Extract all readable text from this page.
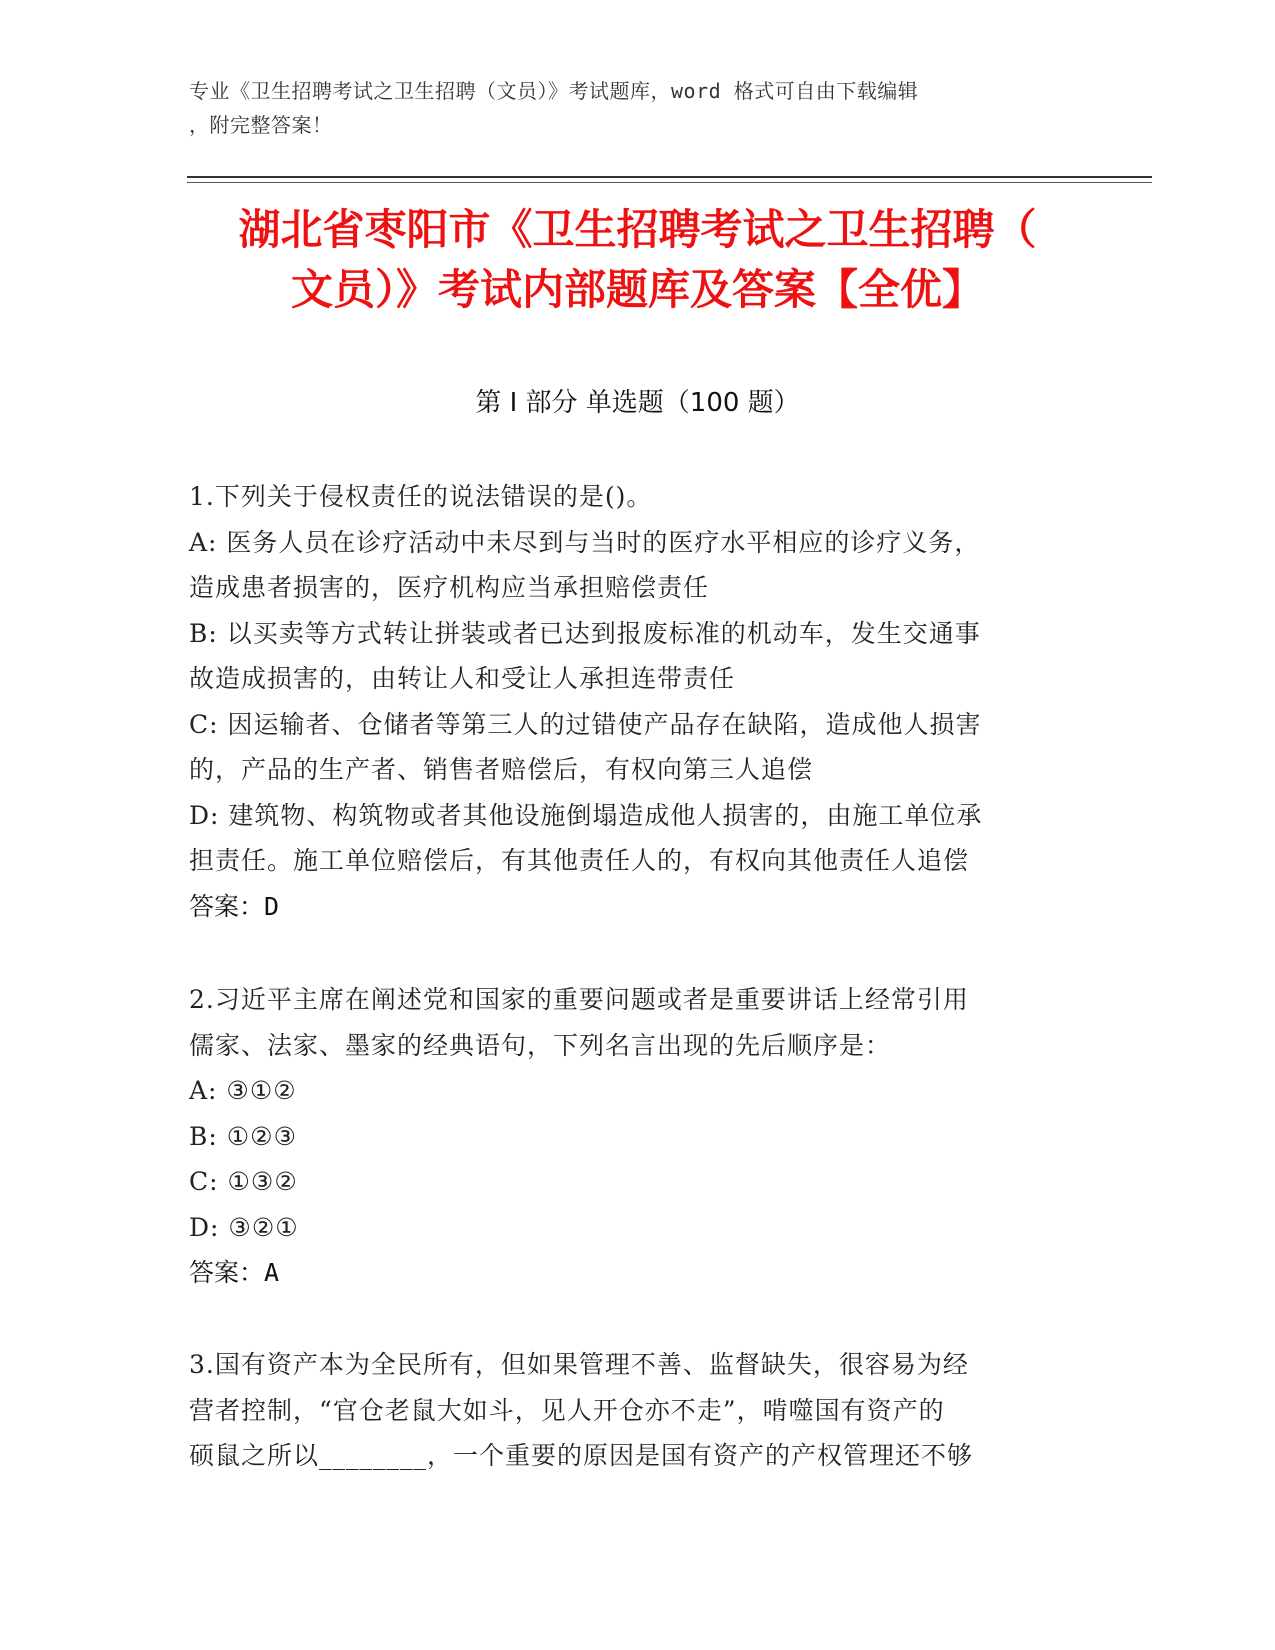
专业《卫生招聘考试之卫生招聘（文员）》考试题库，word 格式可自由下载编辑
，附完整答案！
湖北省枣阳市《卫生招聘考试之卫生招聘（
文员）》考试内部题库及答案【全优】
第 I 部分 单选题（100 题）
1.下列关于侵权责任的说法错误的是()。
A: 医务人员在诊疗活动中未尽到与当时的医疗水平相应的诊疗义务，
造成患者损害的，医疗机构应当承担赔偿责任
B: 以买卖等方式转让拼装或者已达到报废标准的机动车，发生交通事
故造成损害的，由转让人和受让人承担连带责任
C: 因运输者、仓储者等第三人的过错使产品存在缺陷，造成他人损害
的，产品的生产者、销售者赔偿后，有权向第三人追偿
D: 建筑物、构筑物或者其他设施倒塌造成他人损害的，由施工单位承
担责任。施工单位赔偿后，有其他责任人的，有权向其他责任人追偿
答案：D
2.习近平主席在阐述党和国家的重要问题或者是重要讲话上经常引用
儒家、法家、墨家的经典语句，下列名言出现的先后顺序是：
A: ③①②
B: ①②③
C: ①③②
D: ③②①
答案：A
3.国有资产本为全民所有，但如果管理不善、监督缺失，很容易为经
营者控制，“官仓老鼠大如斗，见人开仓亦不走”，啃噬国有资产的
硕鼠之所以________，一个重要的原因是国有资产的产权管理还不够
